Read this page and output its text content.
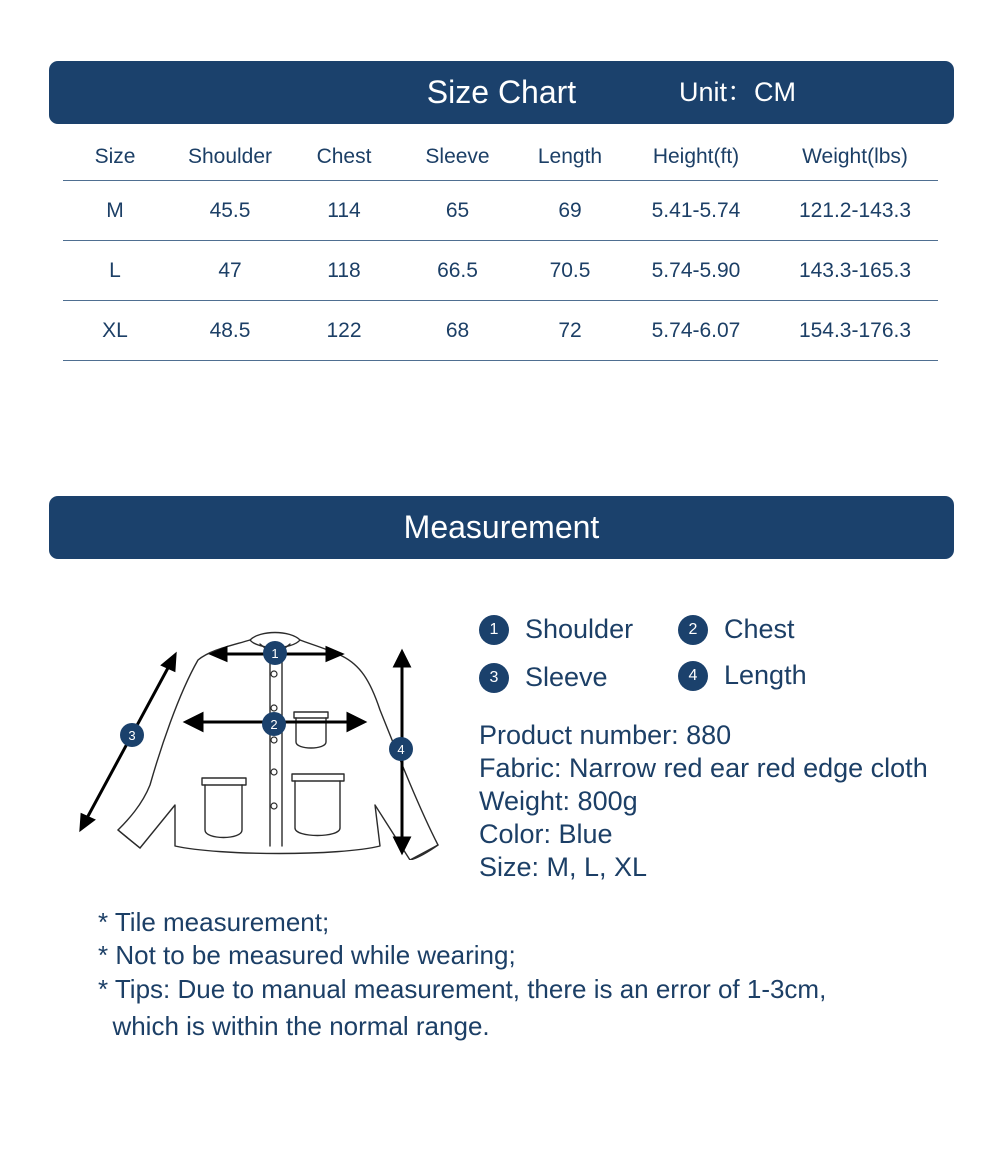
Size Chart	Unit：CM
Size	Shoulder	Chest	Sleeve	Length	Height(ft)	Weight(lbs)
M	45.5	114	65	69	5.41-5.74	121.2-143.3
L	47	118	66.5	70.5	5.74-5.90	143.3-165.3
XL	48.5	122	68	72	5.74-6.07	154.3-176.3
Measurement
1
2
3
4
1 Shoulder	2 Chest
3 Sleeve	4 Length
Product number: 880
Fabric: Narrow red ear red edge cloth
Weight: 800g
Color: Blue
Size: M, L, XL
* Tile measurement;
* Not to be measured while wearing;
* Tips: Due to manual measurement, there is an error of 1-3cm,
which is within the normal range.
